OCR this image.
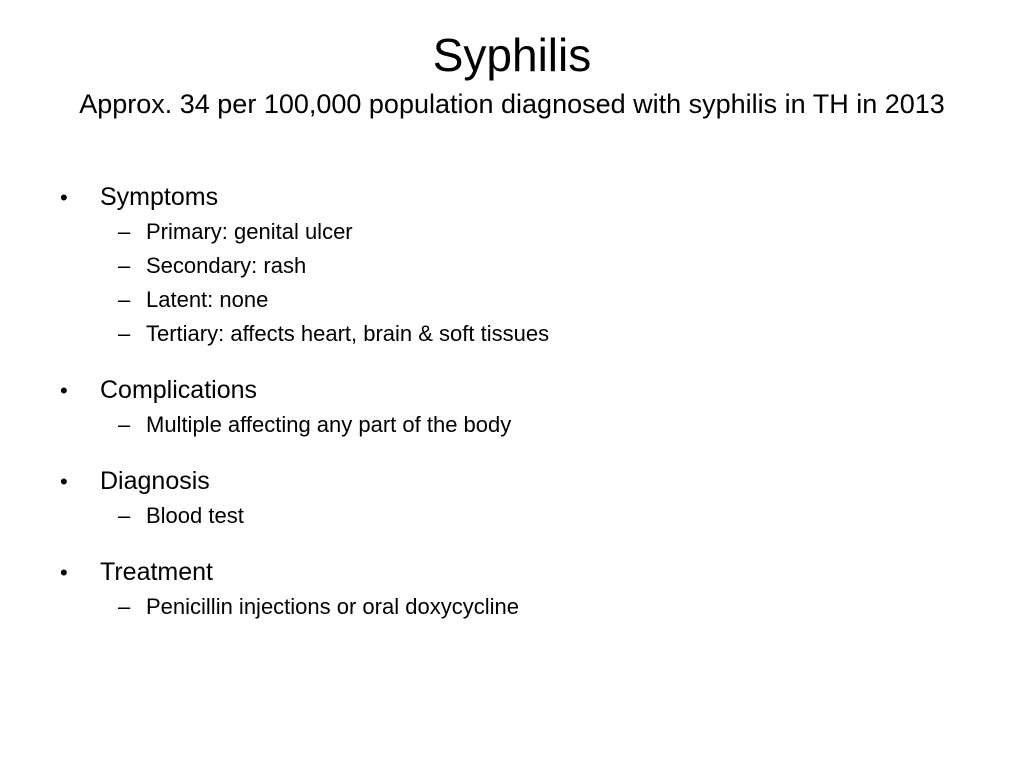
Syphilis

Approx. 34 per 100,000 population diagnosed with syphilis in TH in 2013

•	Symptoms
– Primary: genital ulcer
– Secondary: rash
– Latent: none
– Tertiary: affects heart, brain & soft tissues
•	Complications
– Multiple affecting any part of the body
•	Diagnosis
– Blood test
•	Treatment
– Penicillin injections or oral doxycycline
